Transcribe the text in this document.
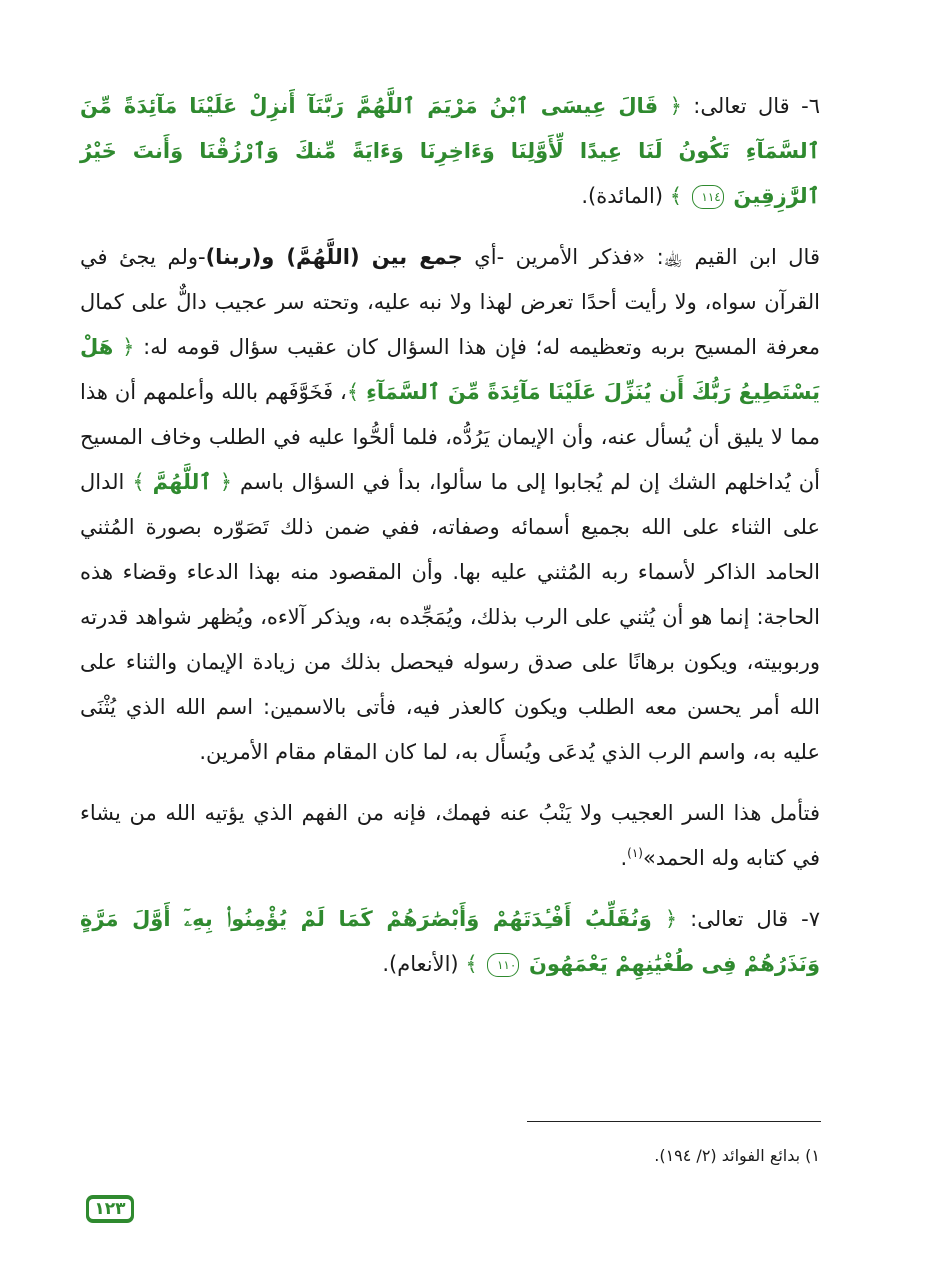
٦- قال تعالى: ﴿ قَالَ عِيسَى ٱبْنُ مَرْيَمَ ٱللَّهُمَّ رَبَّنَآ أَنزِلْ عَلَيْنَا مَآئِدَةً مِّنَ ٱلسَّمَآءِ تَكُونُ لَنَا عِيدًا لِّأَوَّلِنَا وَءَاخِرِنَا وَءَايَةً مِّنكَ وَٱرْزُقْنَا وَأَنتَ خَيْرُ ٱلرَّٰزِقِينَ ١١٤ ﴾ (المائدة).

قال ابن القيم ﵀: «فذكر الأمرين -أي جمع بين (اللَّهُمَّ) و(ربنا)-ولم يجئ في القرآن سواه، ولا رأيت أحدًا تعرض لهذا ولا نبه عليه، وتحته سر عجيب دالٌّ على كمال معرفة المسيح بربه وتعظيمه له؛ فإن هذا السؤال كان عقيب سؤال قومه له: ﴿ هَلْ يَسْتَطِيعُ رَبُّكَ أَن يُنَزِّلَ عَلَيْنَا مَآئِدَةً مِّنَ ٱلسَّمَآءِ ﴾، فَخَوَّفَهم بالله وأعلمهم أن هذا مما لا يليق أن يُسأل عنه، وأن الإيمان يَرُدُّه، فلما ألحُّوا عليه في الطلب وخاف المسيح أن يُداخلهم الشك إن لم يُجابوا إلى ما سألوا، بدأ في السؤال باسم ﴿ ٱللَّهُمَّ ﴾ الدال على الثناء على الله بجميع أسمائه وصفاته، ففي ضمن ذلك تَصَوّره بصورة المُثني الحامد الذاكر لأسماء ربه المُثني عليه بها. وأن المقصود منه بهذا الدعاء وقضاء هذه الحاجة: إنما هو أن يُثني على الرب بذلك، ويُمَجِّده به، ويذكر آلاءه، ويُظهر شواهد قدرته وربوبيته، ويكون برهانًا على صدق رسوله فيحصل بذلك من زيادة الإيمان والثناء على الله أمر يحسن معه الطلب ويكون كالعذر فيه، فأتى بالاسمين: اسم الله الذي يُثْنَى عليه به، واسم الرب الذي يُدعَى ويُسأَل به، لما كان المقام مقام الأمرين.

فتأمل هذا السر العجيب ولا يَنْبُ عنه فهمك، فإنه من الفهم الذي يؤتيه الله من يشاء في كتابه وله الحمد»$^{(١)}$.

٧- قال تعالى: ﴿ وَنُقَلِّبُ أَفْـِٔدَتَهُمْ وَأَبْصَٰرَهُمْ كَمَا لَمْ يُؤْمِنُوا۟ بِهِۦٓ أَوَّلَ مَرَّةٍ وَنَذَرُهُمْ فِى طُغْيَٰنِهِمْ يَعْمَهُونَ ١١٠ ﴾ (الأنعام).

١) بدائع الفوائد (٢/ ١٩٤).
١٢٣
